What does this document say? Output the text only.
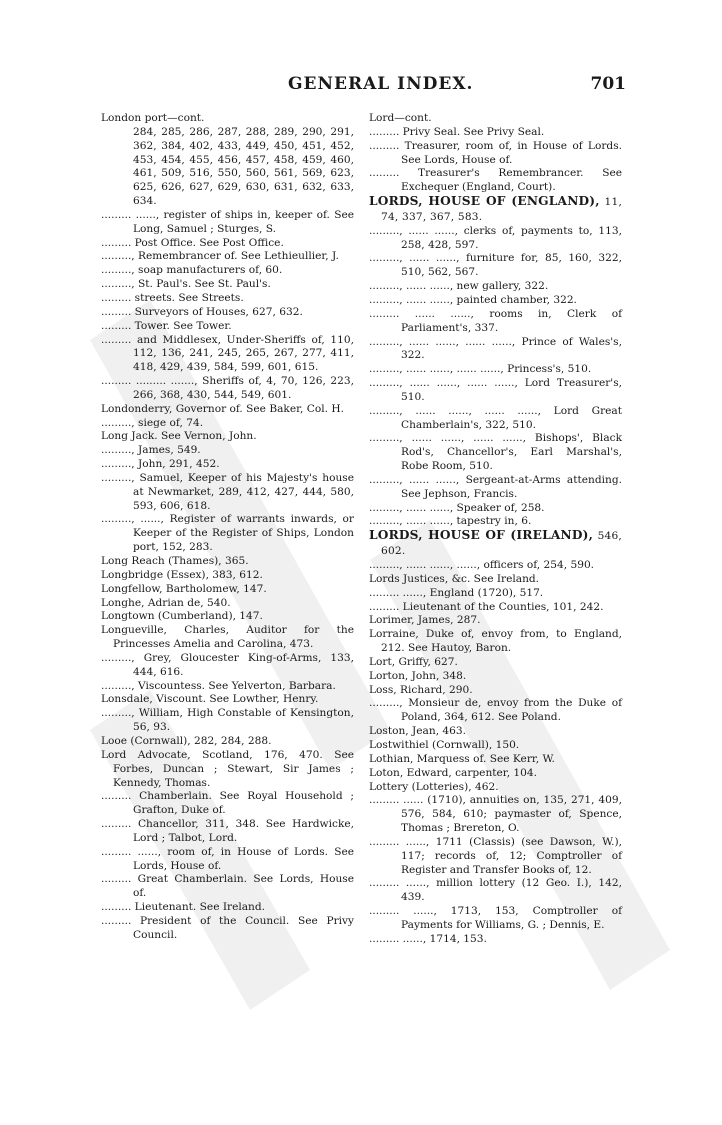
GENERAL INDEX.	701
London port—cont.
284, 285, 286, 287, 288, 289, 290, 291, 362, 384, 402, 433, 449, 450, 451, 452, 453, 454, 455, 456, 457, 458, 459, 460, 461, 509, 516, 550, 560, 561, 569, 623, 625, 626, 627, 629, 630, 631, 632, 633, 634.
......... ......, register of ships in, keeper of. See Long, Samuel ; Sturges, S.
......... Post Office. See Post Office.
........., Remembrancer of. See Lethieullier, J.
........., soap manufacturers of, 60.
........., St. Paul's. See St. Paul's.
......... streets. See Streets.
......... Surveyors of Houses, 627, 632.
......... Tower. See Tower.
......... and Middlesex, Under-Sheriffs of, 110, 112, 136, 241, 245, 265, 267, 277, 411, 418, 429, 439, 584, 599, 601, 615.
......... ......... ......., Sheriffs of, 4, 70, 126, 223, 266, 368, 430, 544, 549, 601.
Londonderry, Governor of. See Baker, Col. H.
........., siege of, 74.
Long Jack. See Vernon, John.
........., James, 549.
........., John, 291, 452.
........., Samuel, Keeper of his Majesty's house at Newmarket, 289, 412, 427, 444, 580, 593, 606, 618.
........., ......, Register of warrants inwards, or Keeper of the Register of Ships, London port, 152, 283.
Long Reach (Thames), 365.
Longbridge (Essex), 383, 612.
Longfellow, Bartholomew, 147.
Longhe, Adrian de, 540.
Longtown (Cumberland), 147.
Longueville, Charles, Auditor for the Princesses Amelia and Carolina, 473.
........., Grey, Gloucester King-of-Arms, 133, 444, 616.
........., Viscountess. See Yelverton, Barbara.
Lonsdale, Viscount. See Lowther, Henry.
........., William, High Constable of Kensington, 56, 93.
Looe (Cornwall), 282, 284, 288.
Lord Advocate, Scotland, 176, 470. See Forbes, Duncan ; Stewart, Sir James ; Kennedy, Thomas.
......... Chamberlain. See Royal Household ; Grafton, Duke of.
......... Chancellor, 311, 348. See Hardwicke, Lord ; Talbot, Lord.
......... ......, room of, in House of Lords. See Lords, House of.
......... Great Chamberlain. See Lords, House of.
......... Lieutenant. See Ireland.
......... President of the Council. See Privy Council.
Lord—cont.
......... Privy Seal. See Privy Seal.
......... Treasurer, room of, in House of Lords. See Lords, House of.
......... Treasurer's Remembrancer. See Exchequer (England, Court).
LORDS, HOUSE OF (ENGLAND), 11, 74, 337, 367, 583.
........., ...... ......, clerks of, payments to, 113, 258, 428, 597.
........., ...... ......, furniture for, 85, 160, 322, 510, 562, 567.
........., ...... ......, new gallery, 322.
........., ...... ......, painted chamber, 322.
......... ...... ......, rooms in, Clerk of Parliament's, 337.
........., ...... ......, ...... ......, Prince of Wales's, 322.
........., ...... ......, ...... ......, Princess's, 510.
........., ...... ......, ...... ......, Lord Treasurer's, 510.
........., ...... ......, ...... ......, Lord Great Chamberlain's, 322, 510.
........., ...... ......, ...... ......, Bishops', Black Rod's, Chancellor's, Earl Marshal's, Robe Room, 510.
........., ...... ......, Sergeant-at-Arms attending. See Jephson, Francis.
........., ...... ......, Speaker of, 258.
........., ...... ......, tapestry in, 6.
LORDS, HOUSE OF (IRELAND), 546, 602.
........., ...... ......, ......, officers of, 254, 590.
Lords Justices, &c. See Ireland.
......... ......, England (1720), 517.
......... Lieutenant of the Counties, 101, 242.
Lorimer, James, 287.
Lorraine, Duke of, envoy from, to England, 212. See Hautoy, Baron.
Lort, Griffy, 627.
Lorton, John, 348.
Loss, Richard, 290.
........., Monsieur de, envoy from the Duke of Poland, 364, 612. See Poland.
Loston, Jean, 463.
Lostwithiel (Cornwall), 150.
Lothian, Marquess of. See Kerr, W.
Loton, Edward, carpenter, 104.
Lottery (Lotteries), 462.
......... ...... (1710), annuities on, 135, 271, 409, 576, 584, 610; paymaster of, Spence, Thomas ; Brereton, O.
......... ......, 1711 (Classis) (see Dawson, W.), 117; records of, 12; Comptroller of Register and Transfer Books of, 12.
......... ......, million lottery (12 Geo. I.), 142, 439.
......... ......, 1713, 153, Comptroller of Payments for Williams, G. ; Dennis, E.
......... ......, 1714, 153.
